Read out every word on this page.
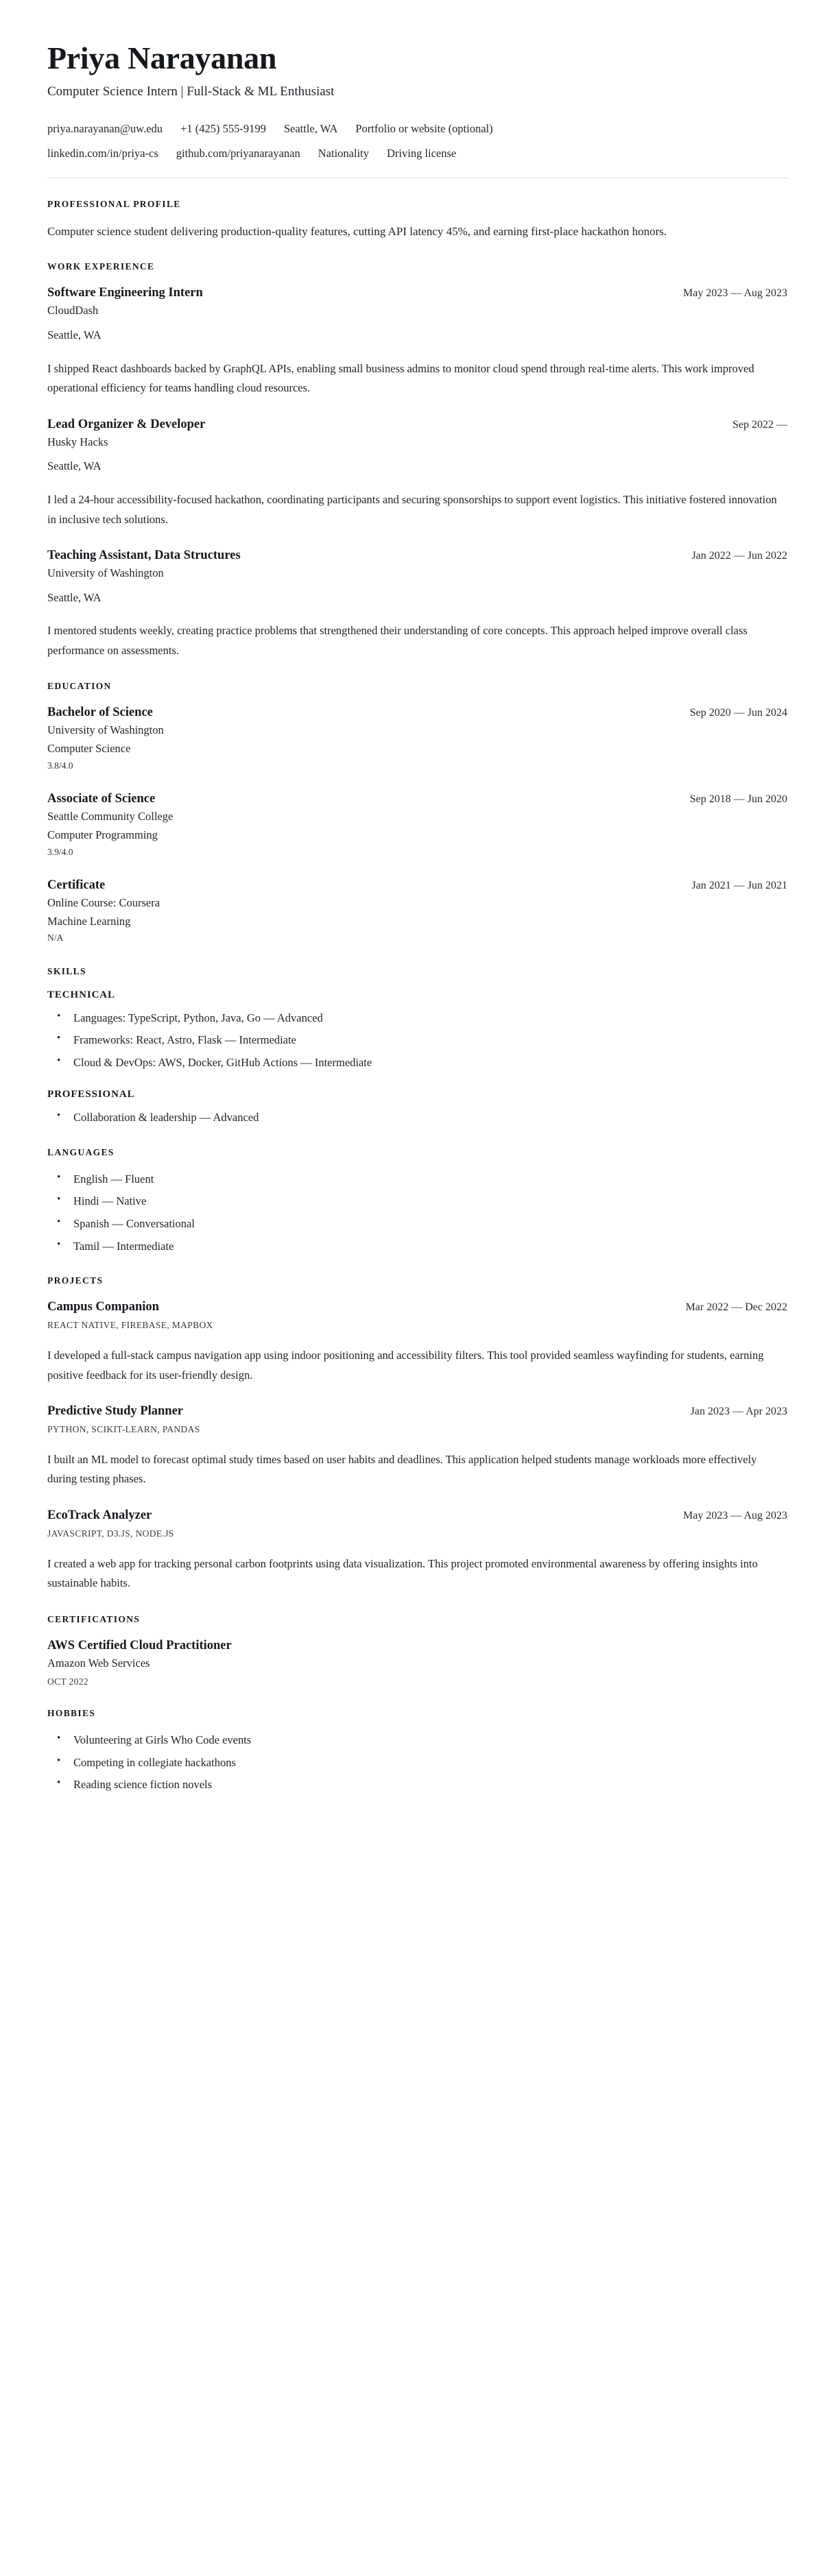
Priya Narayanan
Computer Science Intern | Full-Stack & ML Enthusiast
priya.narayanan@uw.edu +1 (425) 555-9199 Seattle, WA Portfolio or website (optional)
linkedin.com/in/priya-cs github.com/priyanarayanan Nationality Driving license
PROFESSIONAL PROFILE

Computer science student delivering production-quality features, cutting API latency 45%, and earning first-place hackathon honors.

WORK EXPERIENCE
Software Engineering Intern	May 2023 — Aug 2023
CloudDash
Seattle, WA

I shipped React dashboards backed by GraphQL APIs, enabling small business admins to monitor cloud spend through real-time alerts. This work improved operational efficiency for teams handling cloud resources.

Lead Organizer & Developer	Sep 2022 —
Husky Hacks
Seattle, WA

I led a 24-hour accessibility-focused hackathon, coordinating participants and securing sponsorships to support event logistics. This initiative fostered innovation in inclusive tech solutions.

Teaching Assistant, Data Structures	Jan 2022 — Jun 2022
University of Washington
Seattle, WA

I mentored students weekly, creating practice problems that strengthened their understanding of core concepts. This approach helped improve overall class performance on assessments.

EDUCATION
Bachelor of Science	Sep 2020 — Jun 2024
University of Washington
Computer Science
3.8/4.0
Associate of Science	Sep 2018 — Jun 2020
Seattle Community College
Computer Programming
3.9/4.0
Certificate	Jan 2021 — Jun 2021
Online Course: Coursera
Machine Learning
N/A
SKILLS
TECHNICAL
• Languages: TypeScript, Python, Java, Go — Advanced
• Frameworks: React, Astro, Flask — Intermediate
• Cloud & DevOps: AWS, Docker, GitHub Actions — Intermediate
PROFESSIONAL
• Collaboration & leadership — Advanced
LANGUAGES
• English — Fluent
• Hindi — Native
• Spanish — Conversational
• Tamil — Intermediate
PROJECTS
Campus Companion	Mar 2022 — Dec 2022
REACT NATIVE, FIREBASE, MAPBOX

I developed a full-stack campus navigation app using indoor positioning and accessibility filters. This tool provided seamless wayfinding for students, earning positive feedback for its user-friendly design.

Predictive Study Planner	Jan 2023 — Apr 2023
PYTHON, SCIKIT-LEARN, PANDAS

I built an ML model to forecast optimal study times based on user habits and deadlines. This application helped students manage workloads more effectively during testing phases.

EcoTrack Analyzer	May 2023 — Aug 2023
JAVASCRIPT, D3.JS, NODE.JS

I created a web app for tracking personal carbon footprints using data visualization. This project promoted environmental awareness by offering insights into sustainable habits.

CERTIFICATIONS
AWS Certified Cloud Practitioner
Amazon Web Services
OCT 2022
HOBBIES
• Volunteering at Girls Who Code events
• Competing in collegiate hackathons
• Reading science fiction novels
